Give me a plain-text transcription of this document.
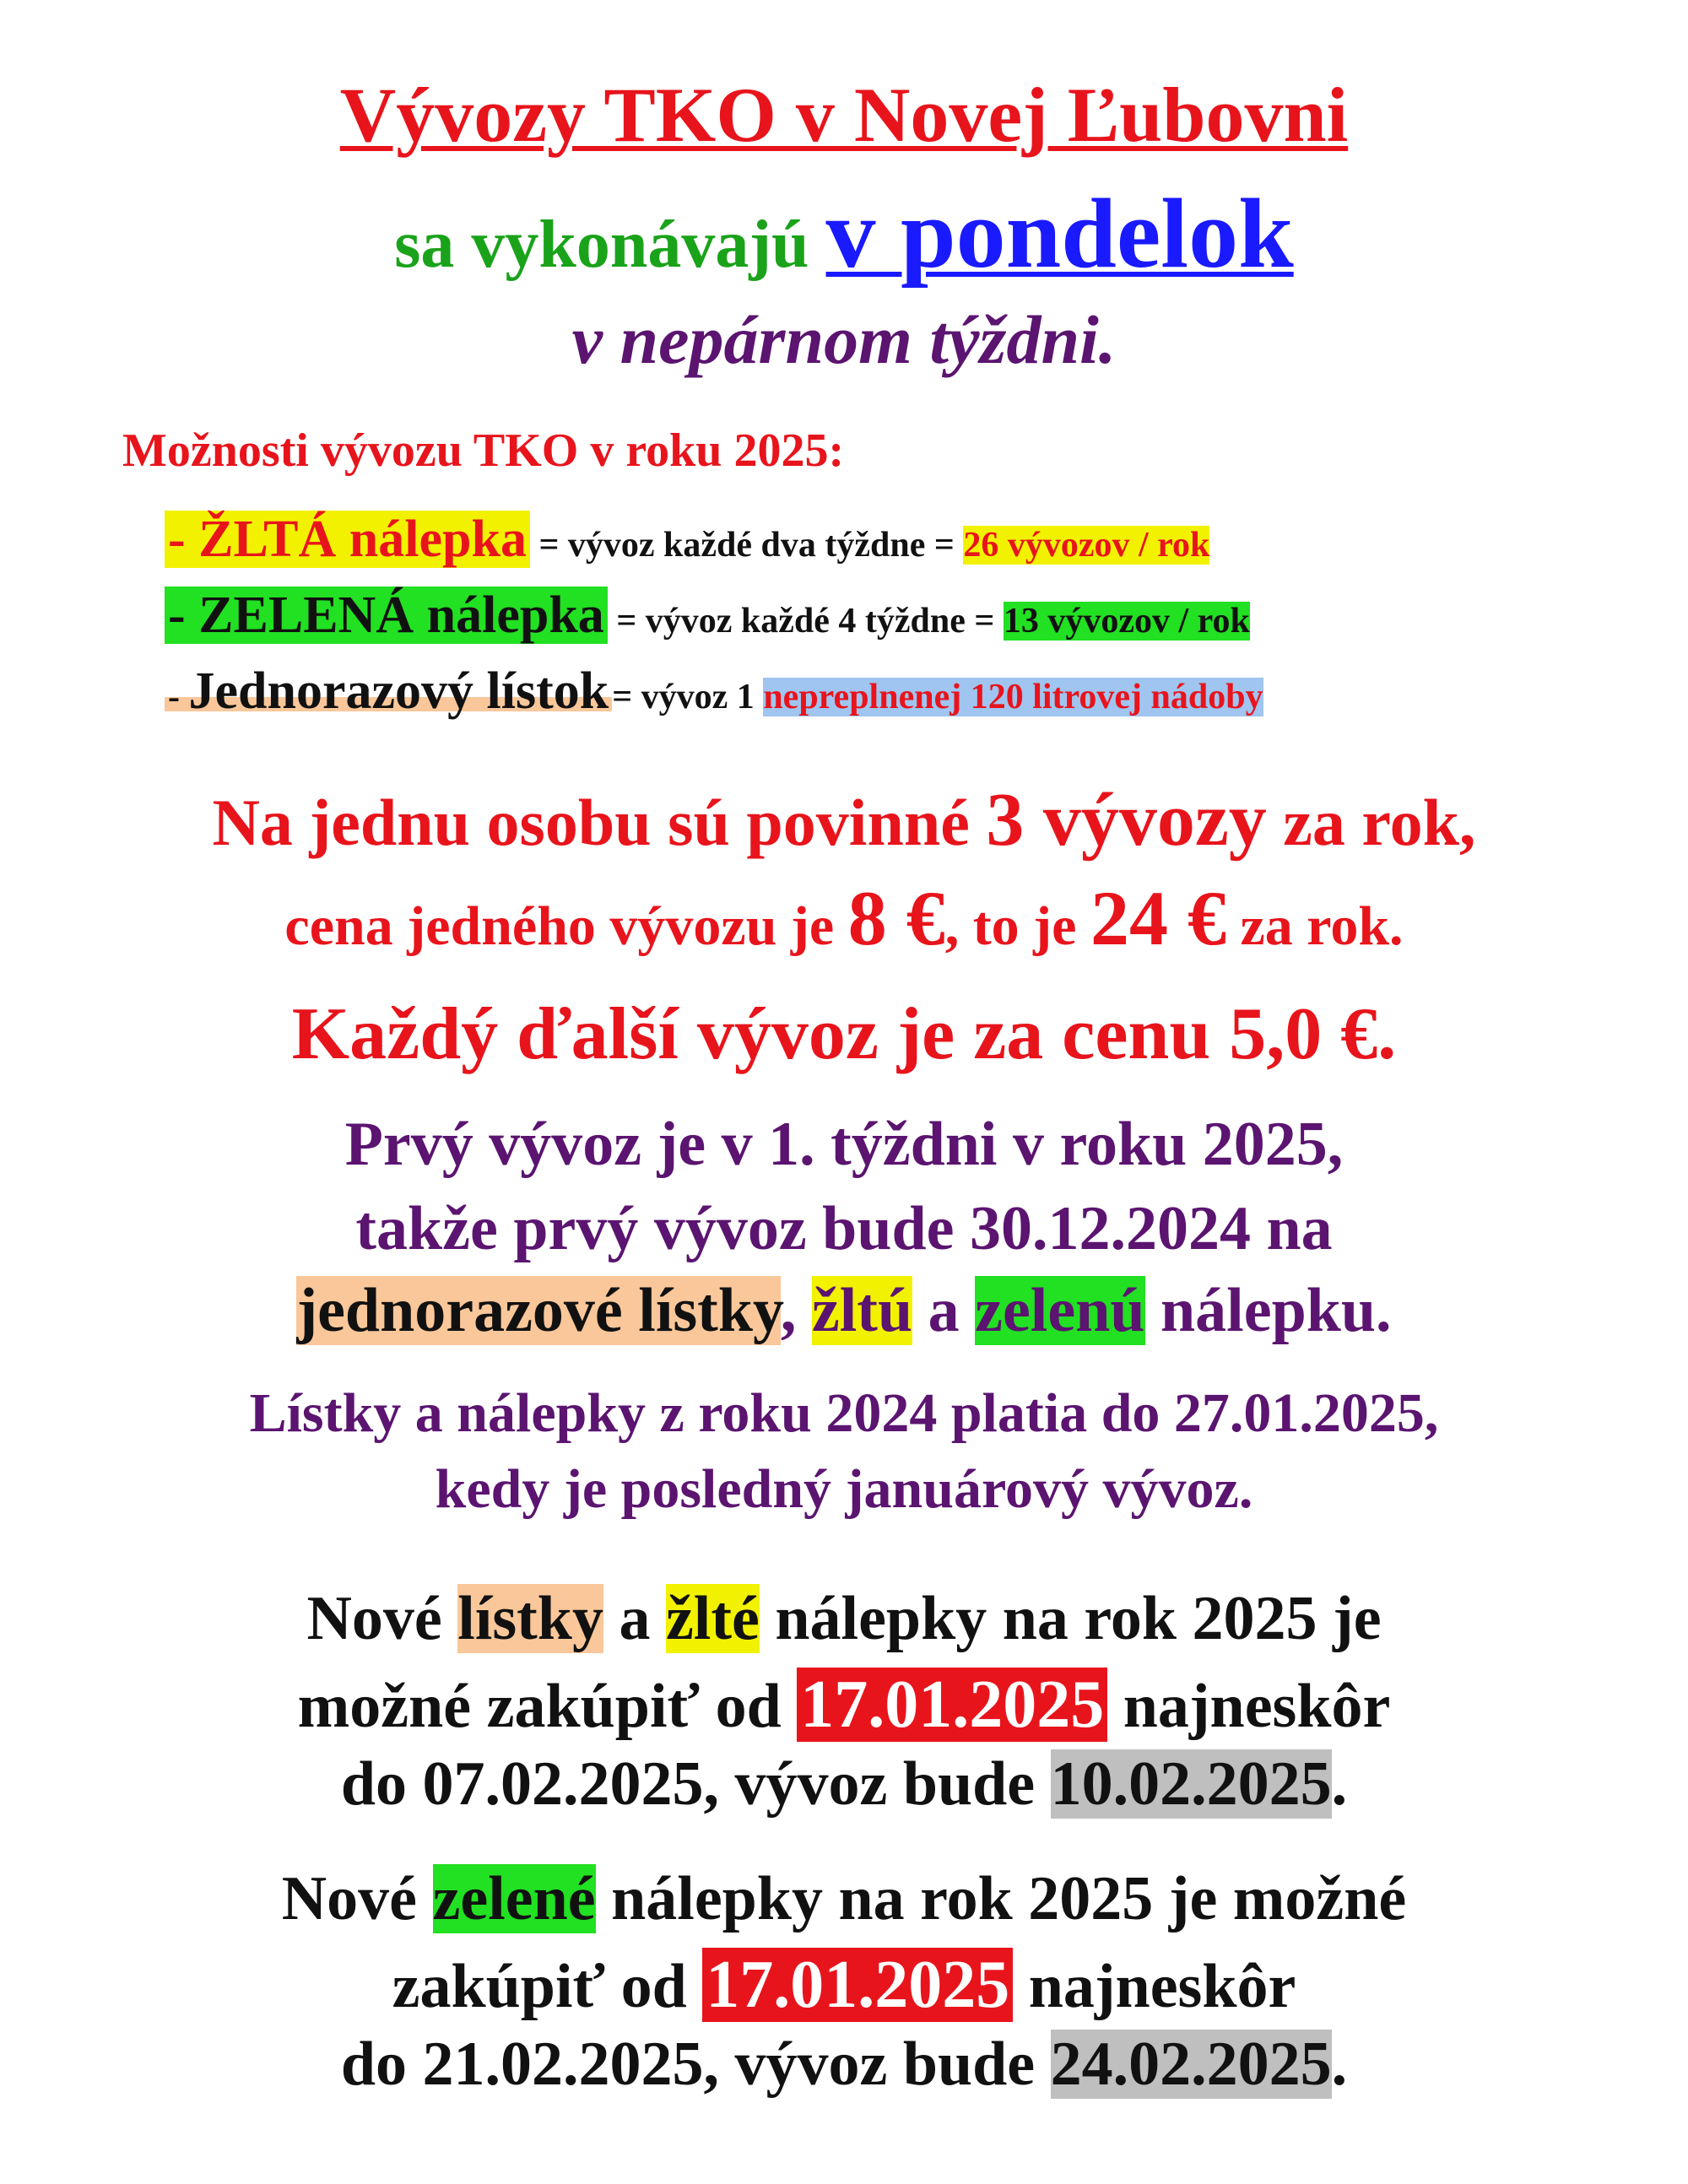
Vývozy TKO v Novej Ľubovni
sa vykonávajú v pondelok
v nepárnom týždni.
Možnosti vývozu TKO v roku 2025:
- ŽLTÁ nálepka = vývoz každé dva týždne = 26 vývozov / rok
- ZELENÁ nálepka = vývoz každé 4 týždne = 13 vývozov / rok
- Jednorazový lístok= vývoz 1 nepreplnenej 120 litrovej nádoby
Na jednu osobu sú povinné 3 vývozy za rok,
cena jedného vývozu je 8 €, to je 24 € za rok.
Každý ďalší vývoz je za cenu 5,0 €.
Prvý vývoz je v 1. týždni v roku 2025,
takže prvý vývoz bude 30.12.2024 na
jednorazové lístky, žltú a zelenú nálepku.
Lístky a nálepky z roku 2024 platia do 27.01.2025,
kedy je posledný januárový vývoz.
Nové lístky a žlté nálepky na rok 2025 je
možné zakúpiť od 17.01.2025 najneskôr
do 07.02.2025, vývoz bude 10.02.2025.
Nové zelené nálepky na rok 2025 je možné
zakúpiť od 17.01.2025 najneskôr
do 21.02.2025, vývoz bude 24.02.2025.
